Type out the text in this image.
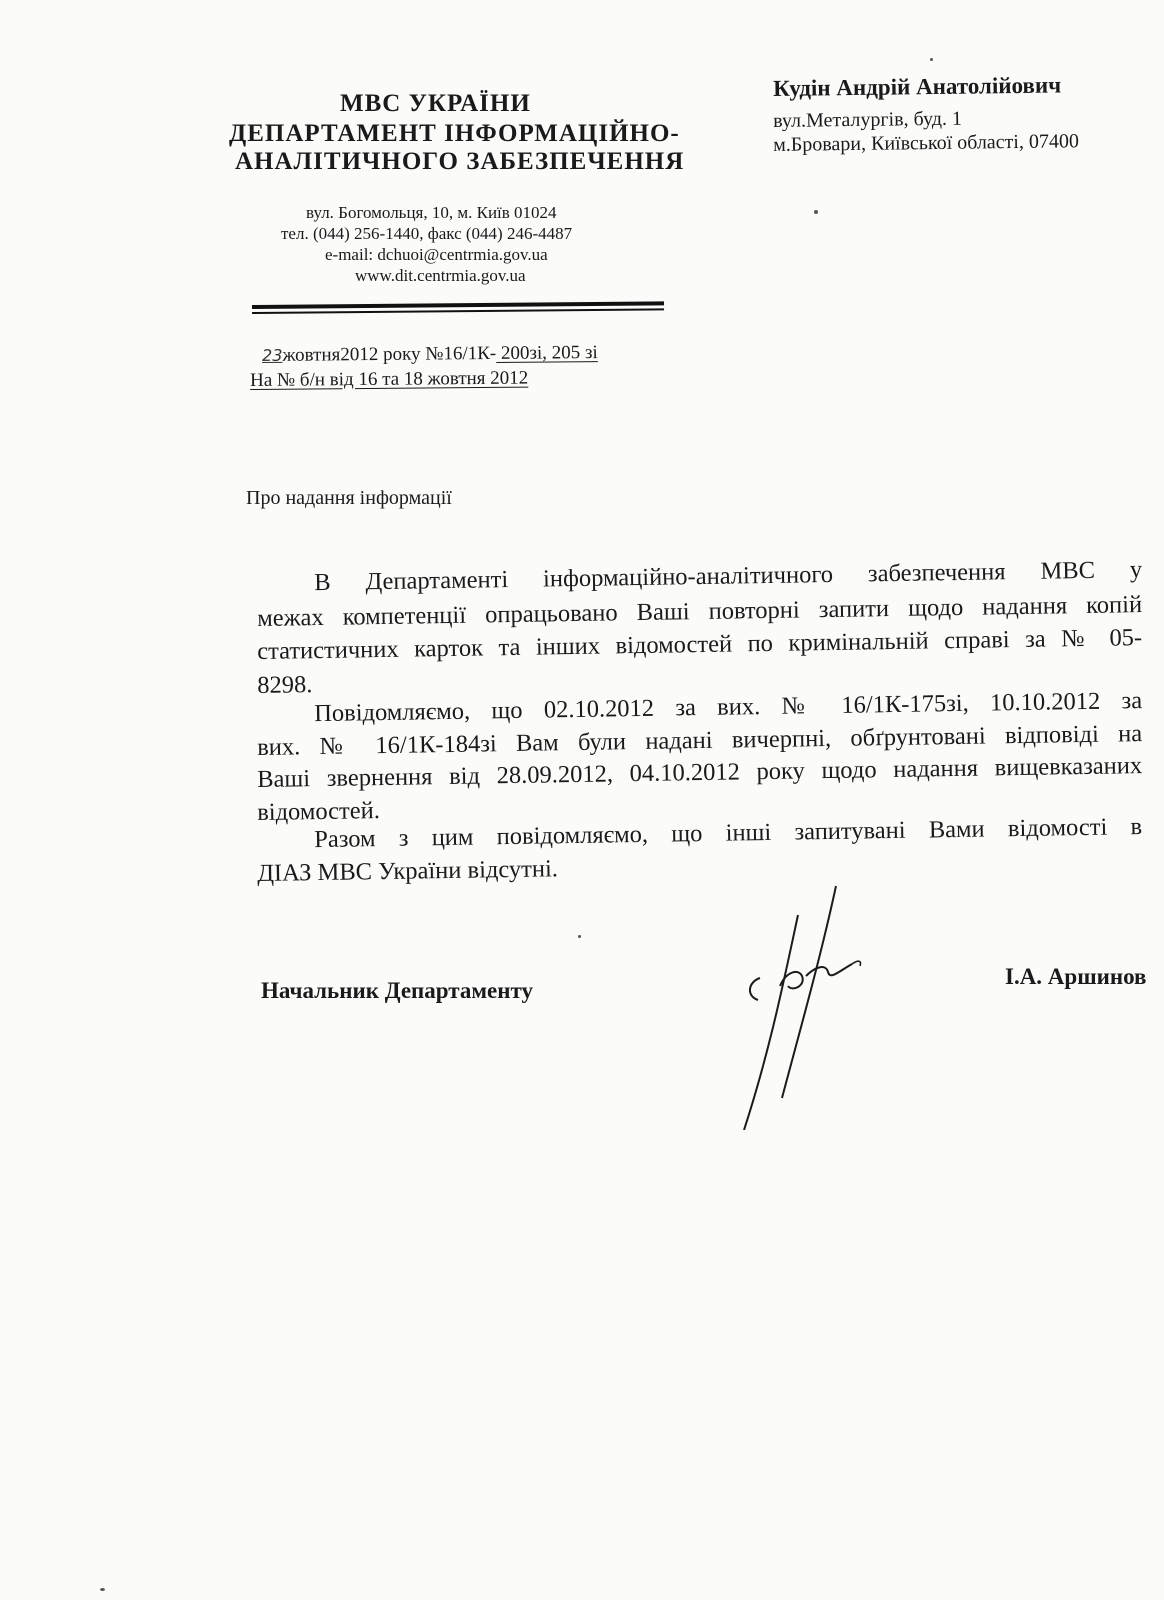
МВС УКРАЇНИ
ДЕПАРТАМЕНТ ІНФОРМАЦІЙНО-
АНАЛІТИЧНОГО ЗАБЕЗПЕЧЕННЯ
вул. Богомольця, 10, м. Київ 01024
тел. (044) 256-1440, факс (044) 246-4487
e-mail: dchuoi@centrmia.gov.ua
www.dit.centrmia.gov.ua
Кудін Андрій Анатолійович
вул.Металургів, буд. 1
м.Бровари, Київської області, 07400
23жовтня2012 року №16/1К- 200зі, 205 зі
На № б/н від 16 та 18 жовтня 2012
Про надання інформації
В Департаменті інформаційно-аналітичного забезпечення МВС у
межах компетенції опрацьовано Ваші повторні запити щодо надання копій
статистичних карток та інших відомостей по кримінальній справі за № 05-
8298.
Повідомляємо, що 02.10.2012 за вих. № 16/1К-175зі, 10.10.2012 за
вих. № 16/1К-184зі Вам були надані вичерпні, обґрунтовані відповіді на
Ваші звернення від 28.09.2012, 04.10.2012 року щодо надання вищевказаних
відомостей.
Разом з цим повідомляємо, що інші запитувані Вами відомості в
ДІАЗ МВС України відсутні.
Начальник Департаменту
І.А. Аршинов
